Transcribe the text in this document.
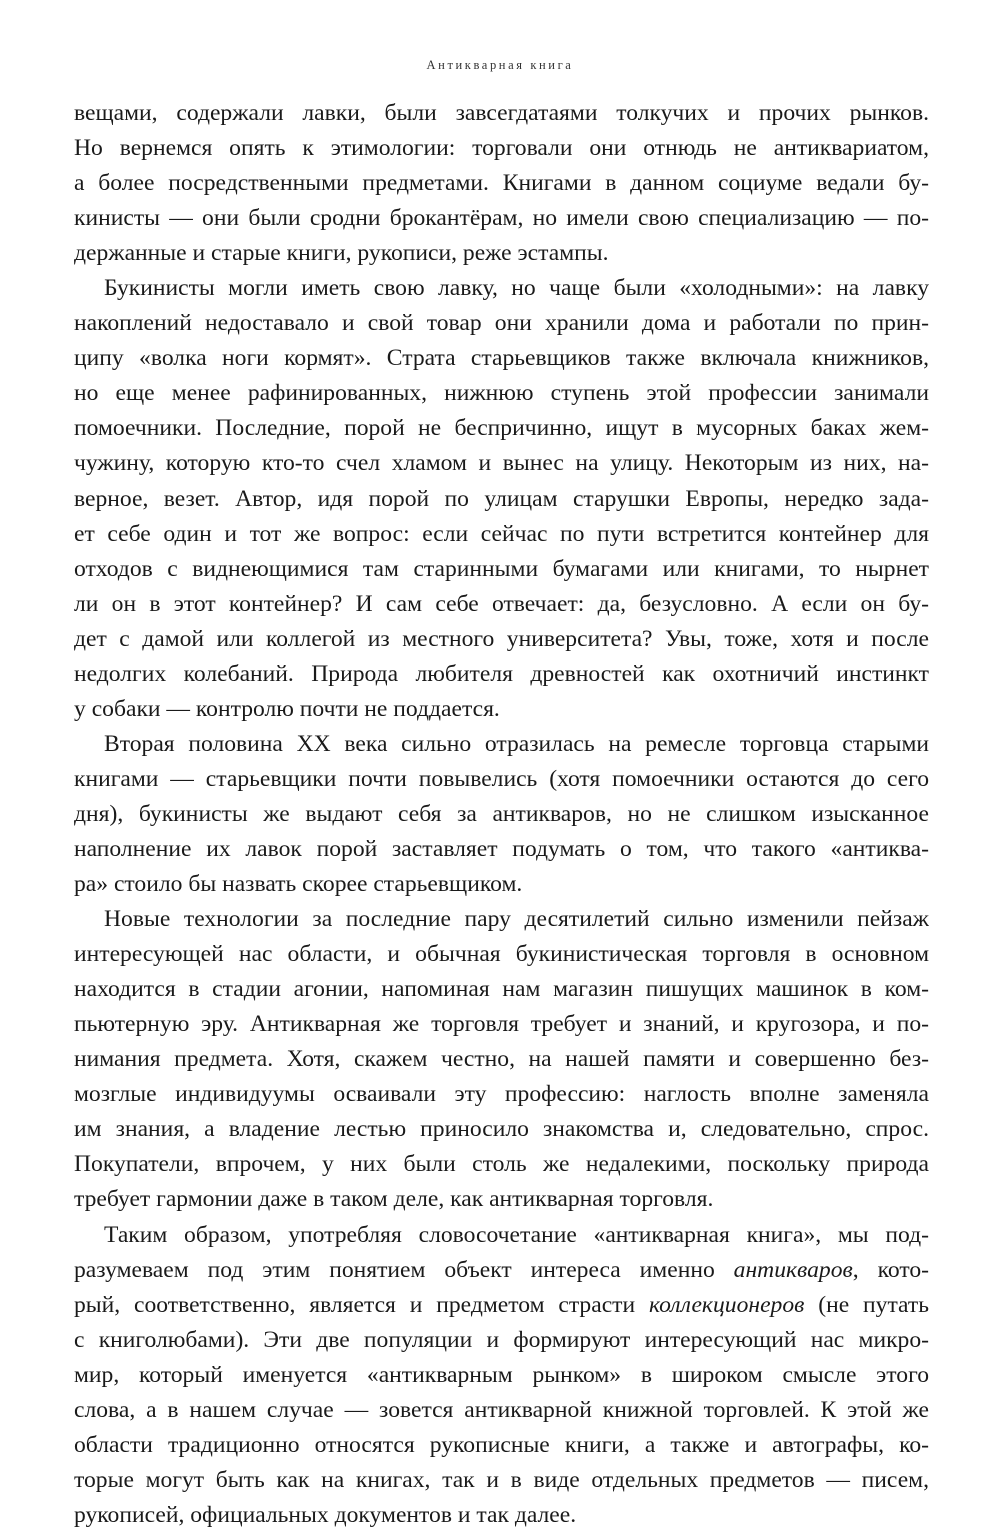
Антикварная книга
вещами, содержали лавки, были завсегдатаями толкучих и прочих рынков.
Но вернемся опять к этимологии: торговали они отнюдь не антиквариатом,
а более посредственными предметами. Книгами в данном социуме ведали бу-
кинисты — они были сродни брокантёрам, но имели свою специализацию — по-
держанные и старые книги, рукописи, реже эстампы.
Букинисты могли иметь свою лавку, но чаще были «холодными»: на лавку
накоплений недоставало и свой товар они хранили дома и работали по прин-
ципу «волка ноги кормят». Страта старьевщиков также включала книжников,
но еще менее рафинированных, нижнюю ступень этой профессии занимали
помоечники. Последние, порой не беспричинно, ищут в мусорных баках жем-
чужину, которую кто-то счел хламом и вынес на улицу. Некоторым из них, на-
верное, везет. Автор, идя порой по улицам старушки Европы, нередко зада-
ет себе один и тот же вопрос: если сейчас по пути встретится контейнер для
отходов с виднеющимися там старинными бумагами или книгами, то нырнет
ли он в этот контейнер? И сам себе отвечает: да, безусловно. А если он бу-
дет с дамой или коллегой из местного университета? Увы, тоже, хотя и после
недолгих колебаний. Природа любителя древностей как охотничий инстинкт
у собаки — контролю почти не поддается.
Вторая половина XX века сильно отразилась на ремесле торговца старыми
книгами — старьевщики почти повывелись (хотя помоечники остаются до сего
дня), букинисты же выдают себя за антикваров, но не слишком изысканное
наполнение их лавок порой заставляет подумать о том, что такого «антиква-
ра» стоило бы назвать скорее старьевщиком.
Новые технологии за последние пару десятилетий сильно изменили пейзаж
интересующей нас области, и обычная букинистическая торговля в основном
находится в стадии агонии, напоминая нам магазин пишущих машинок в ком-
пьютерную эру. Антикварная же торговля требует и знаний, и кругозора, и по-
нимания предмета. Хотя, скажем честно, на нашей памяти и совершенно без-
мозглые индивидуумы осваивали эту профессию: наглость вполне заменяла
им знания, а владение лестью приносило знакомства и, следовательно, спрос.
Покупатели, впрочем, у них были столь же недалекими, поскольку природа
требует гармонии даже в таком деле, как антикварная торговля.
Таким образом, употребляя словосочетание «антикварная книга», мы под-
разумеваем под этим понятием объект интереса именно антикваров, кото-
рый, соответственно, является и предметом страсти коллекционеров (не путать
с книголюбами). Эти две популяции и формируют интересующий нас микро-
мир, который именуется «антикварным рынком» в широком смысле этого
слова, а в нашем случае — зовется антикварной книжной торговлей. К этой же
области традиционно относятся рукописные книги, а также и автографы, ко-
торые могут быть как на книгах, так и в виде отдельных предметов — писем,
рукописей, официальных документов и так далее.
